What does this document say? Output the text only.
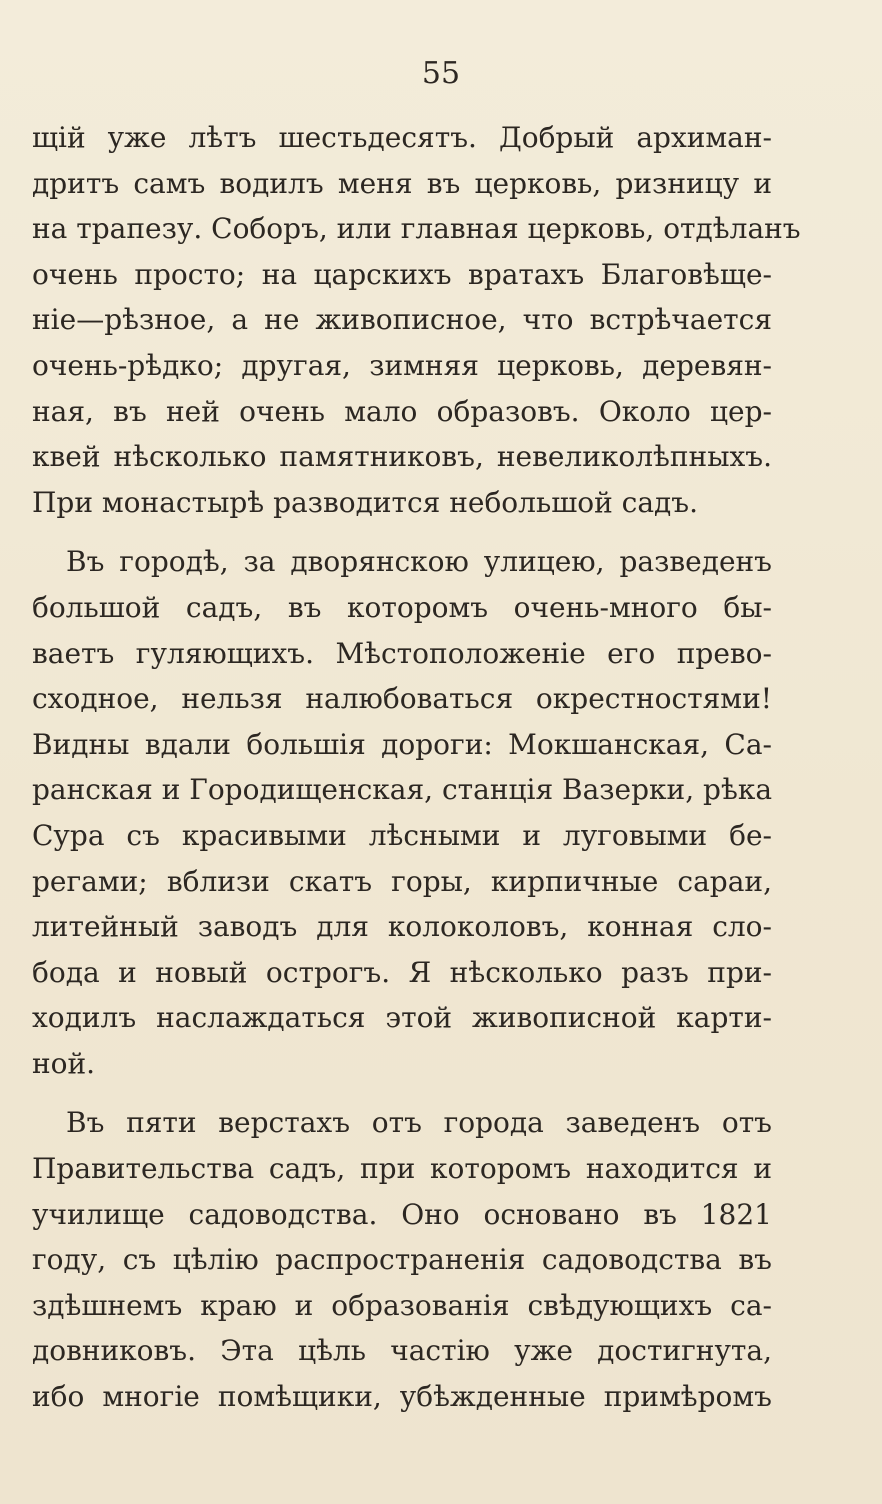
55
щій уже лѣтъ шестьдесятъ. Добрый архиман-
дритъ самъ водилъ меня въ церковь, ризницу и
на трапезу. Соборъ, или главная церковь, отдѣланъ
очень просто; на царскихъ вратахъ Благовѣще-
ніе—рѣзное, а не живописное, что встрѣчается
очень-рѣдко; другая, зимняя церковь, деревян-
ная, въ ней очень мало образовъ. Около цер-
квей нѣсколько памятниковъ, невеликолѣпныхъ.
При монастырѣ разводится небольшой садъ.
Въ городѣ, за дворянскою улицею, разведенъ
большой садъ, въ которомъ очень-много бы-
ваетъ гуляющихъ. Мѣстоположеніе его прево-
сходное, нельзя налюбоваться окрестностями!
Видны вдали большія дороги: Мокшанская, Са-
ранская и Городищенская, станція Вазерки, рѣка
Сура съ красивыми лѣсными и луговыми бе-
регами; вблизи скатъ горы, кирпичные сараи,
литейный заводъ для колоколовъ, конная сло-
бода и новый острогъ. Я нѣсколько разъ при-
ходилъ наслаждаться этой живописной карти-
ной.
Въ пяти верстахъ отъ города заведенъ отъ
Правительства садъ, при которомъ находится и
училище садоводства. Оно основано въ 1821
году, съ цѣлію распространенія садоводства въ
здѣшнемъ краю и образованія свѣдующихъ са-
довниковъ. Эта цѣль частію уже достигнута,
ибо многіе помѣщики, убѣжденные примѣромъ
